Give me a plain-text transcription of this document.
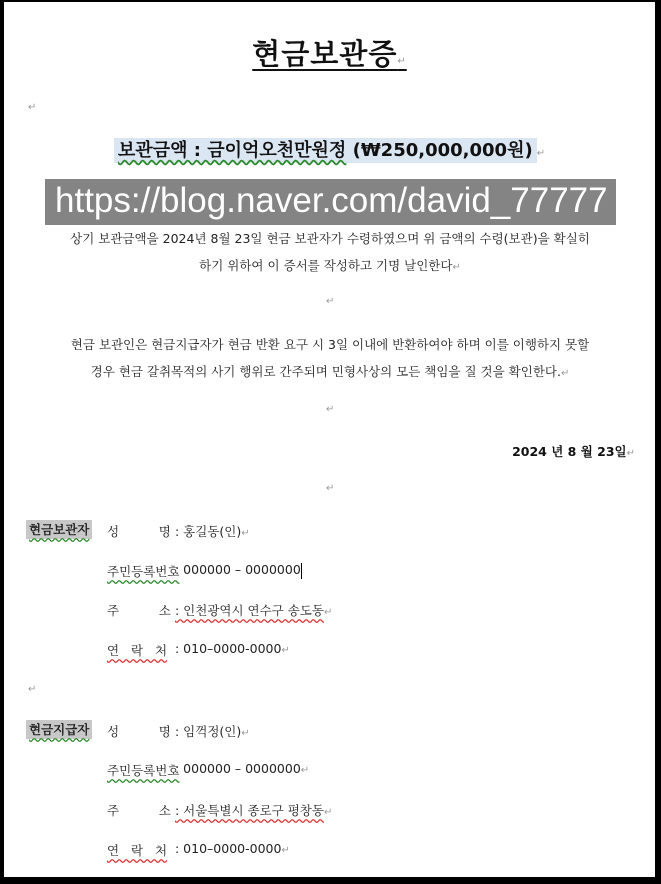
현금보관증↵
↵
보관금액 : 금이억오천만원정 (₩250,000,000원) ↵
https://blog.naver.com/david_77777
상기 보관금액을 2024년 8월 23일 현금 보관자가 수령하였으며 위 금액의 수령(보관)을 확실히
하기 위하여 이 증서를 작성하고 기명 날인한다↵
↵
현금 보관인은 현금지급자가 현금 반환 요구 시 3일 이내에 반환하여야 하며 이를 이행하지 못할
경우 현금 갈취목적의 사기 행위로 간주되며 민형사상의 모든 책임을 질 것을 확인한다.↵
↵
2024 년 8 월 23일↵
↵
현금보관자 성          명 : 홍길동(인)↵
주민등록번호
: 000000 – 0000000
주          소 : 인천광역시 연수구 송도동↵
연   락   처 : 010–0000-0000↵
↵
현금지급자 성          명 : 임꺽정(인)↵
주민등록번호
: 000000 – 0000000↵
주          소 : 서울특별시 종로구 평창동↵
연   락   처 : 010–0000-0000↵
